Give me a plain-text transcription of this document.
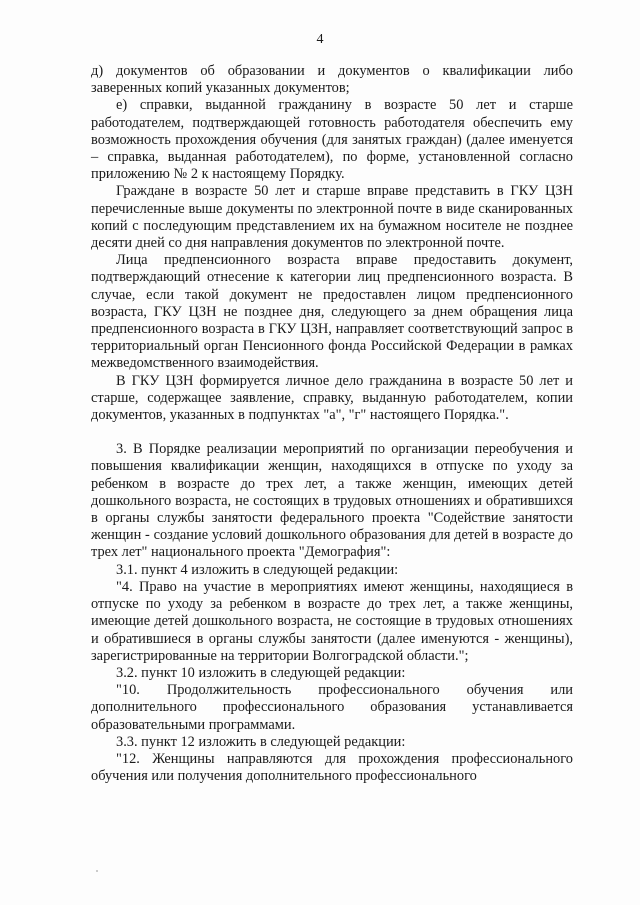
4

д) документов об образовании и документов о квалификации либо заверенных копий указанных документов;

е) справки, выданной гражданину в возрасте 50 лет и старше работодателем, подтверждающей готовность работодателя обеспечить ему возможность прохождения обучения (для занятых граждан) (далее именуется – справка, выданная работодателем), по форме, установленной согласно приложению № 2 к настоящему Порядку.

Граждане в возрасте 50 лет и старше вправе представить в ГКУ ЦЗН перечисленные выше документы по электронной почте в виде сканированных копий с последующим представлением их на бумажном носителе не позднее десяти дней со дня направления документов по электронной почте.

Лица предпенсионного возраста вправе предоставить документ, подтверждающий отнесение к категории лиц предпенсионного возраста. В случае, если такой документ не предоставлен лицом предпенсионного возраста, ГКУ ЦЗН не позднее дня, следующего за днем обращения лица предпенсионного возраста в ГКУ ЦЗН, направляет соответствующий запрос в территориальный орган Пенсионного фонда Российской Федерации в рамках межведомственного взаимодействия.

В ГКУ ЦЗН формируется личное дело гражданина в возрасте 50 лет и старше, содержащее заявление, справку, выданную работодателем, копии документов, указанных в подпунктах "а", "г" настоящего Порядка.".

3. В Порядке реализации мероприятий по организации переобучения и повышения квалификации женщин, находящихся в отпуске по уходу за ребенком в возрасте до трех лет, а также женщин, имеющих детей дошкольного возраста, не состоящих в трудовых отношениях и обратившихся в органы службы занятости федерального проекта "Содействие занятости женщин - создание условий дошкольного образования для детей в возрасте до трех лет" национального проекта "Демография":

3.1. пункт 4 изложить в следующей редакции:

"4. Право на участие в мероприятиях имеют женщины, находящиеся в отпуске по уходу за ребенком в возрасте до трех лет, а также женщины, имеющие детей дошкольного возраста, не состоящие в трудовых отношениях и обратившиеся в органы службы занятости (далее именуются - женщины), зарегистрированные на территории Волгоградской области.";

3.2. пункт 10 изложить в следующей редакции:

"10. Продолжительность профессионального обучения или дополнительного профессионального образования устанавливается образовательными программами.

3.3. пункт 12 изложить в следующей редакции:

"12. Женщины направляются для прохождения профессионального обучения или получения дополнительного профессионального
